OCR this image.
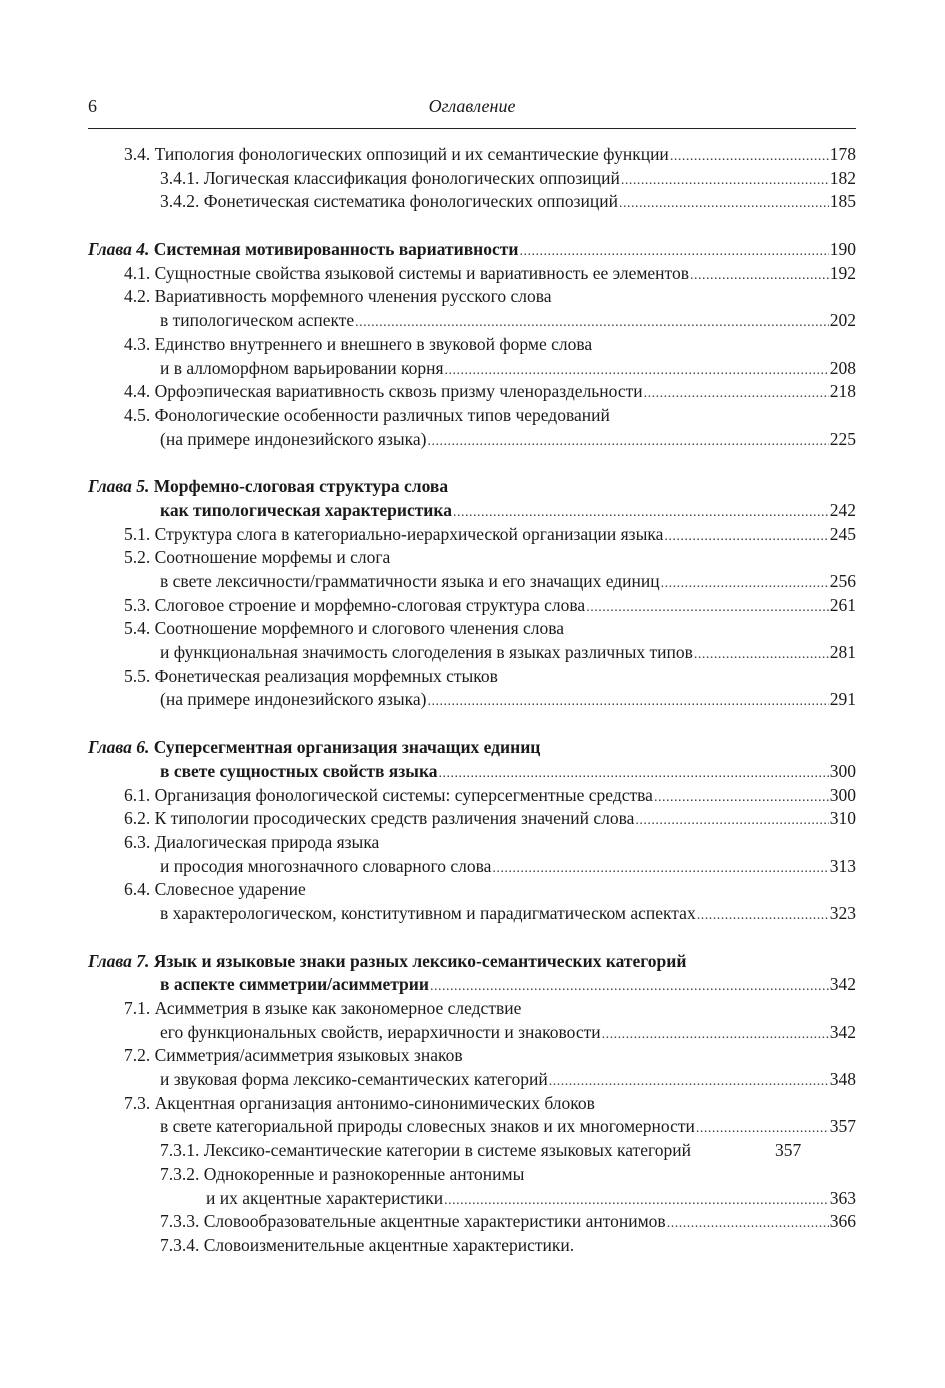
6	Оглавление
3.4. Типология фонологических оппозиций и их семантические функции .....	178
3.4.1. Логическая классификация фонологических оппозиций .....	182
3.4.2. Фонетическая систематика фонологических оппозиций .....	185
Глава 4. Системная мотивированность вариативности .....	190
4.1. Сущностные свойства языковой системы и вариативность ее элементов .....	192
4.2. Вариативность морфемного членения русского слова
в типологическом аспекте .....	202
4.3. Единство внутреннего и внешнего в звуковой форме слова
и в алломорфном варьировании корня .....	208
4.4. Орфоэпическая вариативность сквозь призму членораздельности .....	218
4.5. Фонологические особенности различных типов чередований
(на примере индонезийского языка) .....	225
Глава 5. Морфемно-слоговая структура слова
как типологическая характеристика .....	242
5.1. Структура слога в категориально-иерархической организации языка .....	245
5.2. Соотношение морфемы и слога
в свете лексичности/грамматичности языка и его значащих единиц .....	256
5.3. Слоговое строение и морфемно-слоговая структура слова .....	261
5.4. Соотношение морфемного и слогового членения слова
и функциональная значимость слогоделения в языках различных типов .....	281
5.5. Фонетическая реализация морфемных стыков
(на примере индонезийского языка) .....	291
Глава 6. Суперсегментная организация значащих единиц
в свете сущностных свойств языка .....	300
6.1. Организация фонологической системы: суперсегментные средства .....	300
6.2. К типологии просодических средств различения значений слова .....	310
6.3. Диалогическая природа языка
и просодия многозначного словарного слова .....	313
6.4. Словесное ударение
в характерологическом, конститутивном и парадигматическом аспектах .....	323
Глава 7. Язык и языковые знаки разных лексико-семантических категорий
в аспекте симметрии/асимметрии .....	342
7.1. Асимметрия в языке как закономерное следствие
его функциональных свойств, иерархичности и знаковости .....	342
7.2. Симметрия/асимметрия языковых знаков
и звуковая форма лексико-семантических категорий .....	348
7.3. Акцентная организация антонимо-синонимических блоков
в свете категориальной природы словесных знаков и их многомерности .....	357
7.3.1. Лексико-семантические категории в системе языковых категорий	357
7.3.2. Однокоренные и разнокоренные антонимы
и их акцентные характеристики .....	363
7.3.3. Словообразовательные акцентные характеристики антонимов .....	366
7.3.4. Словоизменительные акцентные характеристики.
